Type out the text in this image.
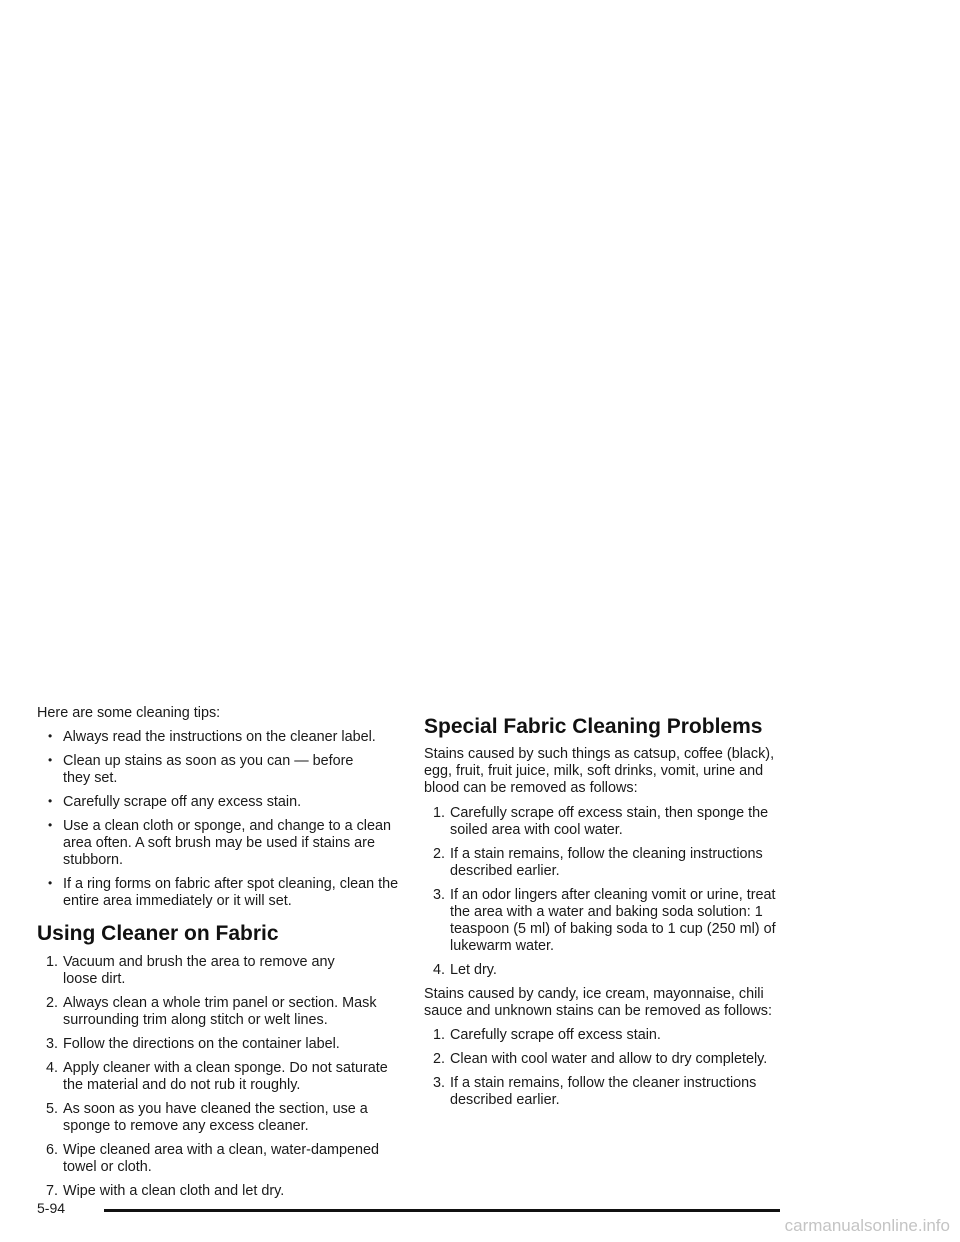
Here are some cleaning tips:

• Always read the instructions on the cleaner label.
• Clean up stains as soon as you can — before they set.
• Carefully scrape off any excess stain.
• Use a clean cloth or sponge, and change to a clean area often. A soft brush may be used if stains are stubborn.
• If a ring forms on fabric after spot cleaning, clean the entire area immediately or it will set.
Using Cleaner on Fabric
1. Vacuum and brush the area to remove any loose dirt.
2. Always clean a whole trim panel or section. Mask surrounding trim along stitch or welt lines.
3. Follow the directions on the container label.
4. Apply cleaner with a clean sponge. Do not saturate the material and do not rub it roughly.
5. As soon as you have cleaned the section, use a sponge to remove any excess cleaner.
6. Wipe cleaned area with a clean, water-dampened towel or cloth.
7. Wipe with a clean cloth and let dry.
Special Fabric Cleaning Problems

Stains caused by such things as catsup, coffee (black), egg, fruit, fruit juice, milk, soft drinks, vomit, urine and blood can be removed as follows:

1. Carefully scrape off excess stain, then sponge the soiled area with cool water.
2. If a stain remains, follow the cleaning instructions described earlier.
3. If an odor lingers after cleaning vomit or urine, treat the area with a water and baking soda solution: 1 teaspoon (5 ml) of baking soda to 1 cup (250 ml) of lukewarm water.
4. Let dry.

Stains caused by candy, ice cream, mayonnaise, chili sauce and unknown stains can be removed as follows:

1. Carefully scrape off excess stain.
2. Clean with cool water and allow to dry completely.
3. If a stain remains, follow the cleaner instructions described earlier.
5-94
carmanualsonline.info
